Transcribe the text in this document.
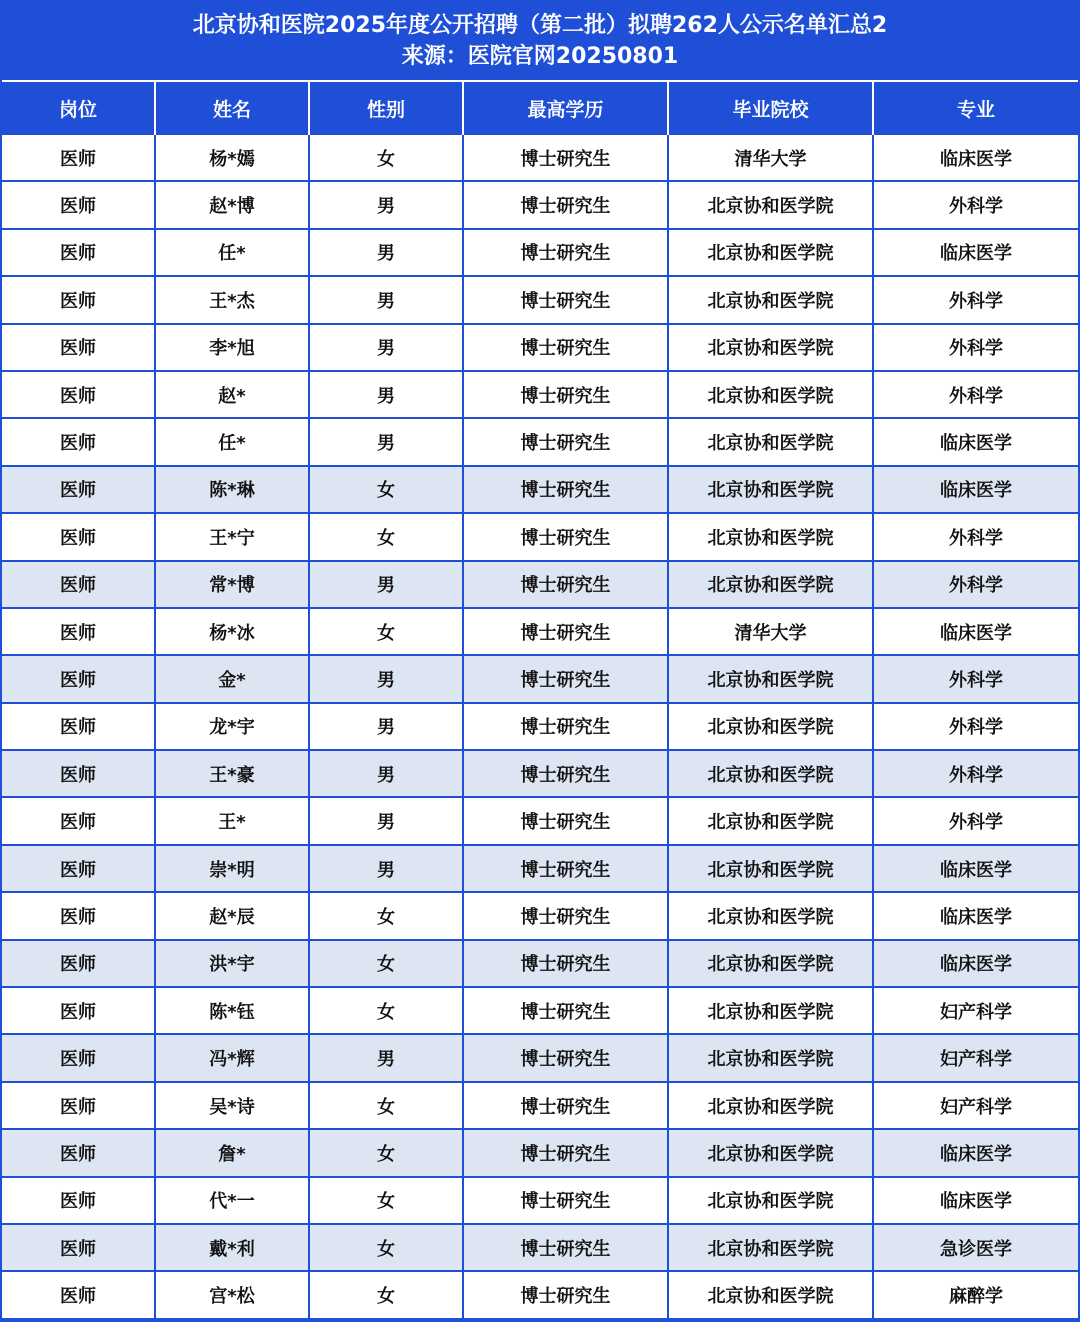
北京协和医院2025年度公开招聘（第二批）拟聘262人公示名单汇总2
来源：医院官网20250801
岗位	姓名	性别	最高学历	毕业院校	专业
医师	杨*嫣	女	博士研究生	清华大学	临床医学
医师	赵*博	男	博士研究生	北京协和医学院	外科学
医师	任*	男	博士研究生	北京协和医学院	临床医学
医师	王*杰	男	博士研究生	北京协和医学院	外科学
医师	李*旭	男	博士研究生	北京协和医学院	外科学
医师	赵*	男	博士研究生	北京协和医学院	外科学
医师	任*	男	博士研究生	北京协和医学院	临床医学
医师	陈*琳	女	博士研究生	北京协和医学院	临床医学
医师	王*宁	女	博士研究生	北京协和医学院	外科学
医师	常*博	男	博士研究生	北京协和医学院	外科学
医师	杨*冰	女	博士研究生	清华大学	临床医学
医师	金*	男	博士研究生	北京协和医学院	外科学
医师	龙*宇	男	博士研究生	北京协和医学院	外科学
医师	王*豪	男	博士研究生	北京协和医学院	外科学
医师	王*	男	博士研究生	北京协和医学院	外科学
医师	崇*明	男	博士研究生	北京协和医学院	临床医学
医师	赵*辰	女	博士研究生	北京协和医学院	临床医学
医师	洪*宇	女	博士研究生	北京协和医学院	临床医学
医师	陈*钰	女	博士研究生	北京协和医学院	妇产科学
医师	冯*辉	男	博士研究生	北京协和医学院	妇产科学
医师	吴*诗	女	博士研究生	北京协和医学院	妇产科学
医师	詹*	女	博士研究生	北京协和医学院	临床医学
医师	代*一	女	博士研究生	北京协和医学院	临床医学
医师	戴*利	女	博士研究生	北京协和医学院	急诊医学
医师	宫*松	女	博士研究生	北京协和医学院	麻醉学
